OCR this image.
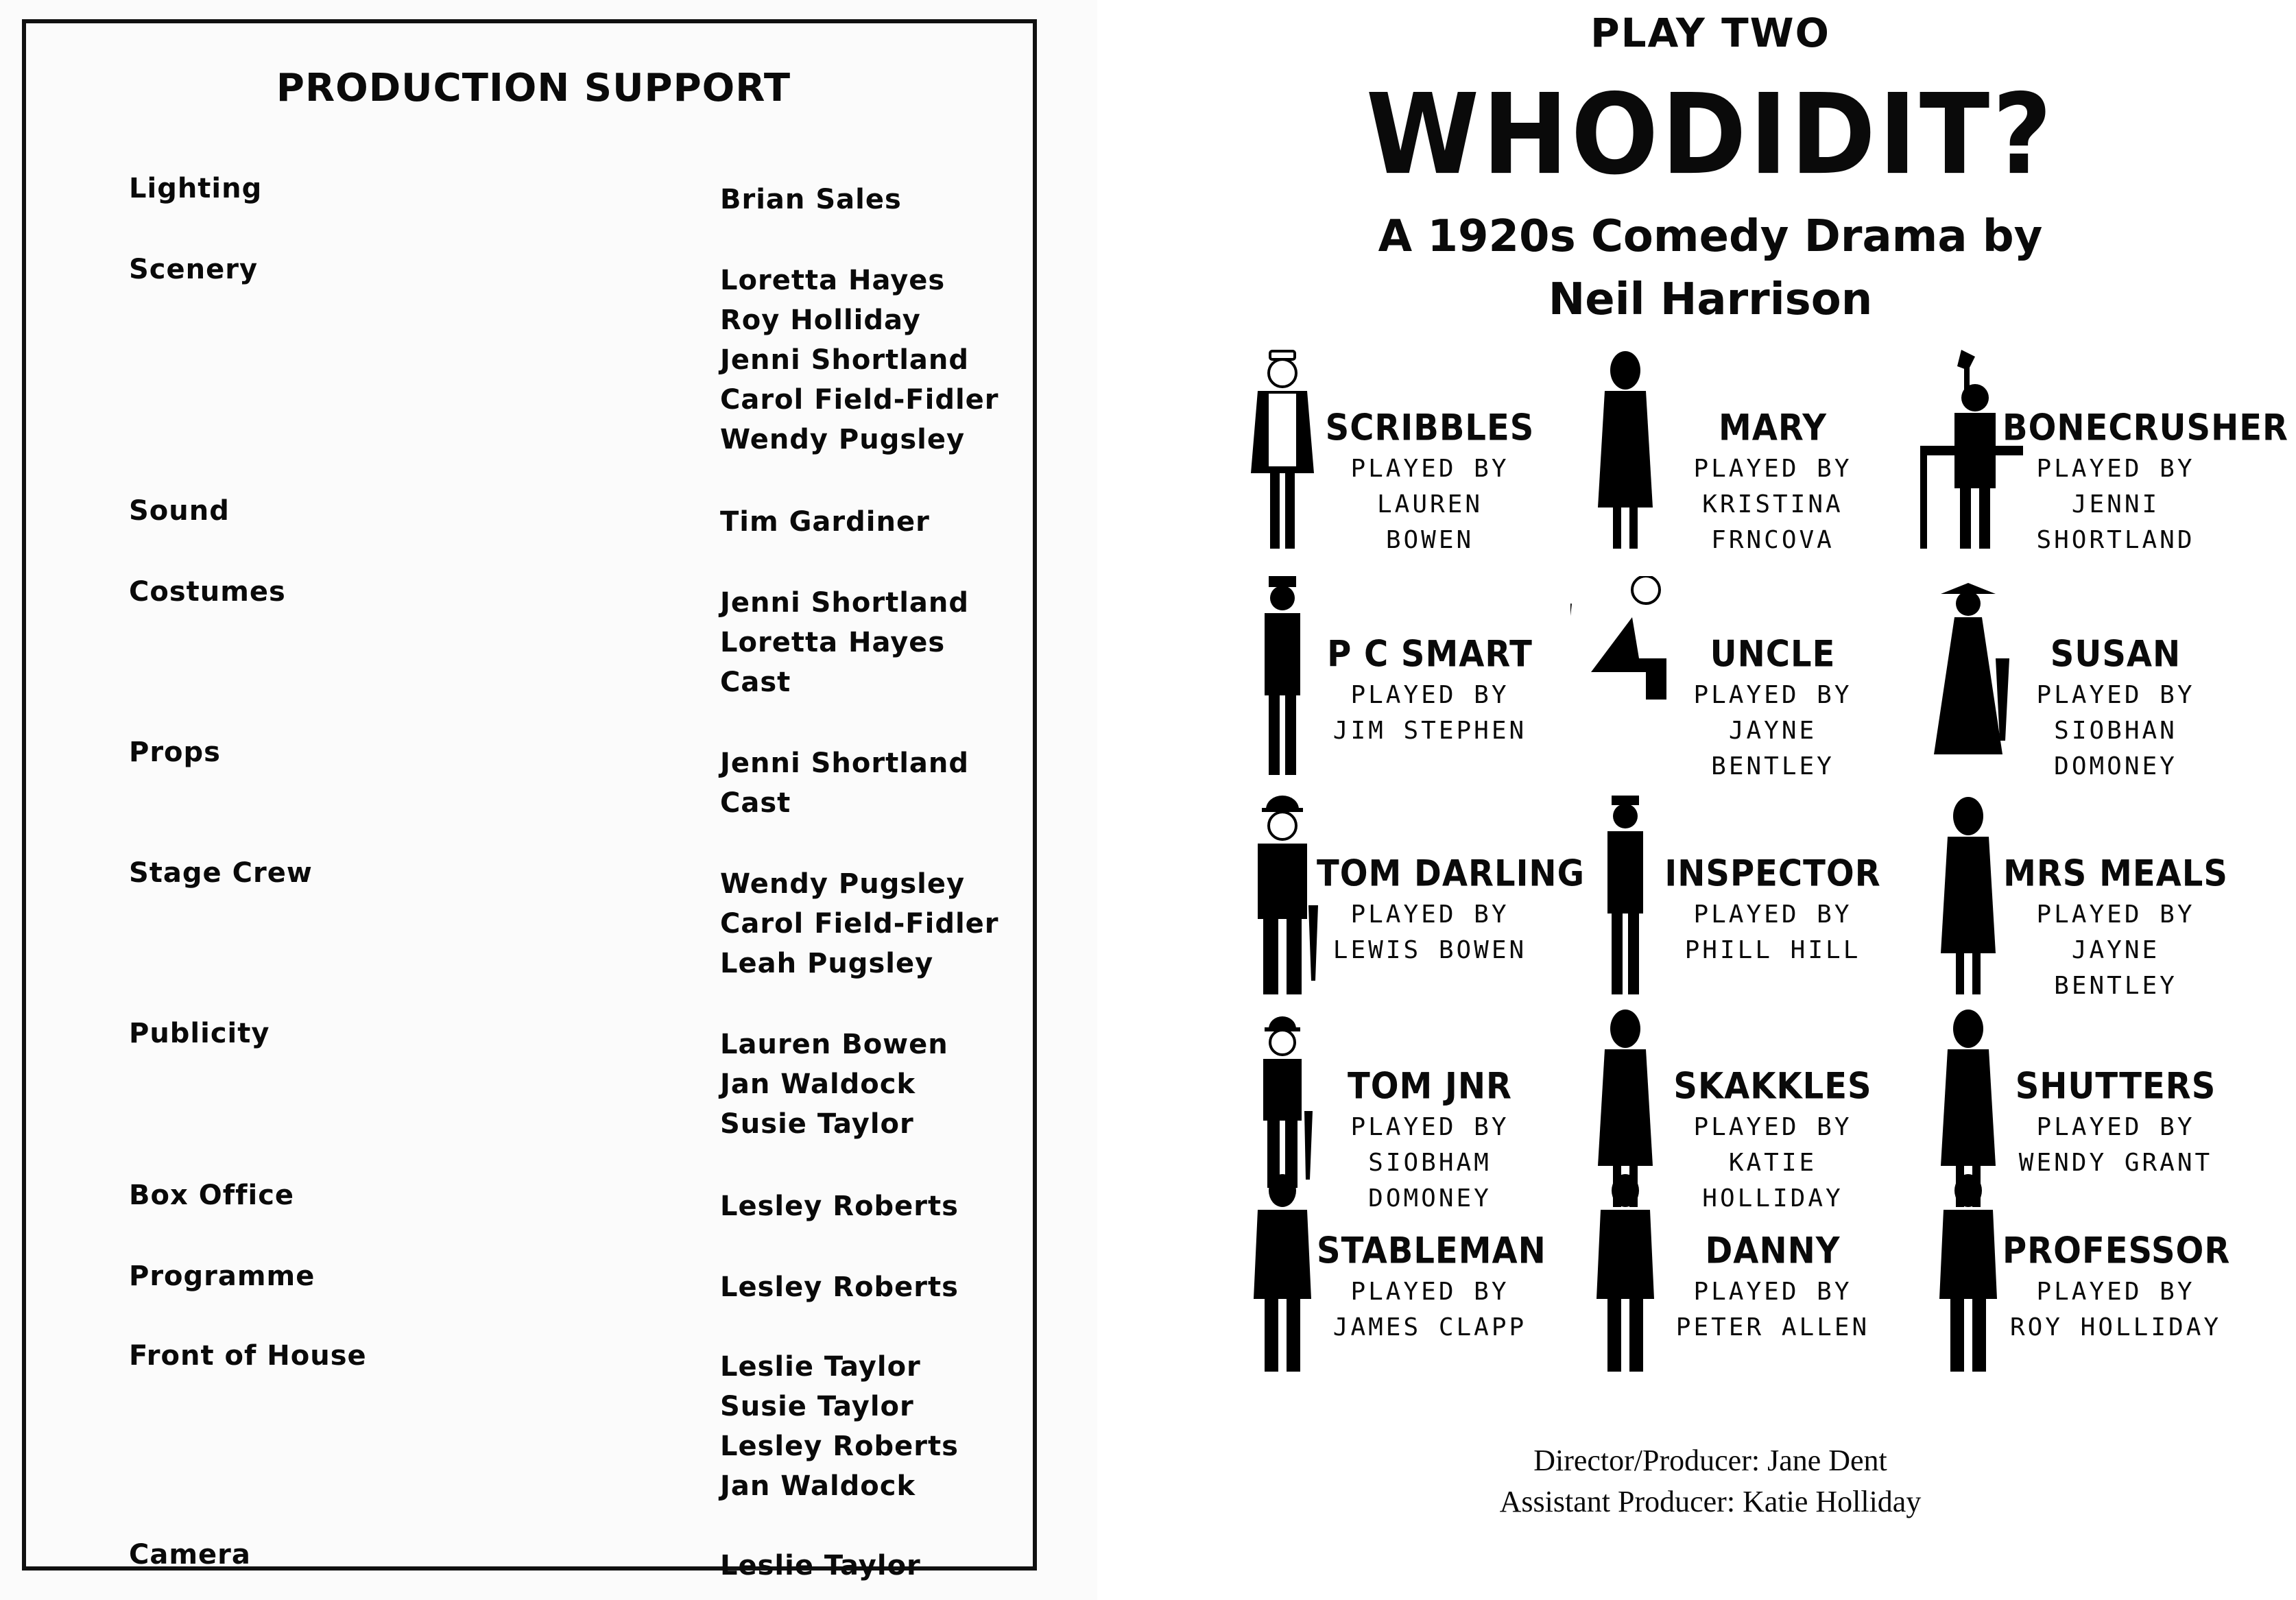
PRODUCTION SUPPORT
Lighting	Brian Sales
Scenery	Loretta Hayes
Roy Holliday
Jenni Shortland
Carol Field-Fidler
Wendy Pugsley
Sound	Tim Gardiner
Costumes	Jenni Shortland
Loretta Hayes
Cast
Props	Jenni Shortland
Cast
Stage Crew	Wendy Pugsley
Carol Field-Fidler
Leah Pugsley
Publicity	Lauren Bowen
Jan Waldock
Susie Taylor
Box Office	Lesley Roberts
Programme	Lesley Roberts
Front of House	Leslie Taylor
Susie Taylor
Lesley Roberts
Jan Waldock
Camera	Leslie Taylor
PLAY TWO
WHODIDIT?
A 1920s Comedy Drama by
Neil Harrison
SCRIBBLES
PLAYED BY
LAUREN
BOWEN
MARY
PLAYED BY
KRISTINA
FRNCOVA
BONECRUSHER
PLAYED BY
JENNI
SHORTLAND
P C SMART
PLAYED BY
JIM STEPHEN
UNCLE
PLAYED BY
JAYNE
BENTLEY
SUSAN
PLAYED BY
SIOBHAN
DOMONEY
TOM DARLING
PLAYED BY
LEWIS BOWEN
INSPECTOR
PLAYED BY
PHILL HILL
MRS MEALS
PLAYED BY
JAYNE BENTLEY
TOM JNR
PLAYED BY
SIOBHAM
DOMONEY
SKAKKLES
PLAYED BY
KATIE
HOLLIDAY
SHUTTERS
PLAYED BY
WENDY GRANT
STABLEMAN
PLAYED BY
JAMES CLAPP
DANNY
PLAYED BY
PETER ALLEN
PROFESSOR
PLAYED BY
ROY HOLLIDAY
Director/Producer: Jane Dent
Assistant Producer: Katie Holliday
